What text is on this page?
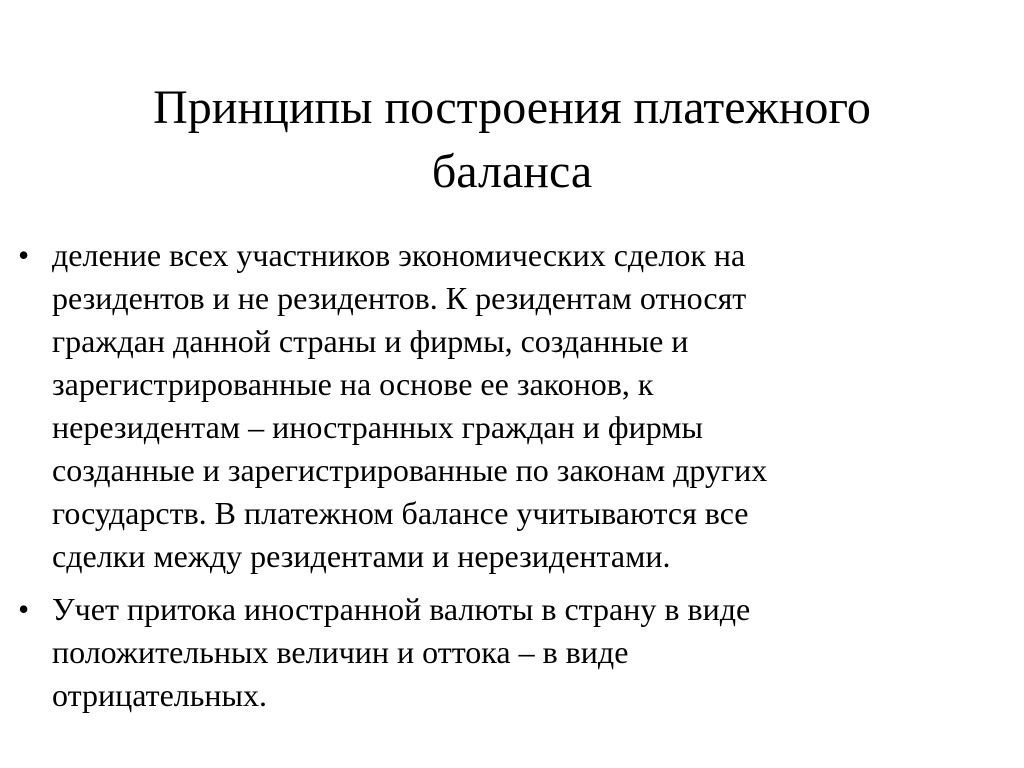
Принципы построения платежного
баланса
• деление всех участников экономических сделок на
резидентов и не резидентов. К резидентам относят
граждан данной страны и фирмы, созданные и
зарегистрированные на основе ее законов, к
нерезидентам – иностранных граждан и фирмы
созданные и зарегистрированные по законам других
государств. В платежном балансе учитываются все
сделки между резидентами и нерезидентами.
• Учет притока иностранной валюты в страну в виде
положительных величин и оттока – в виде
отрицательных.
